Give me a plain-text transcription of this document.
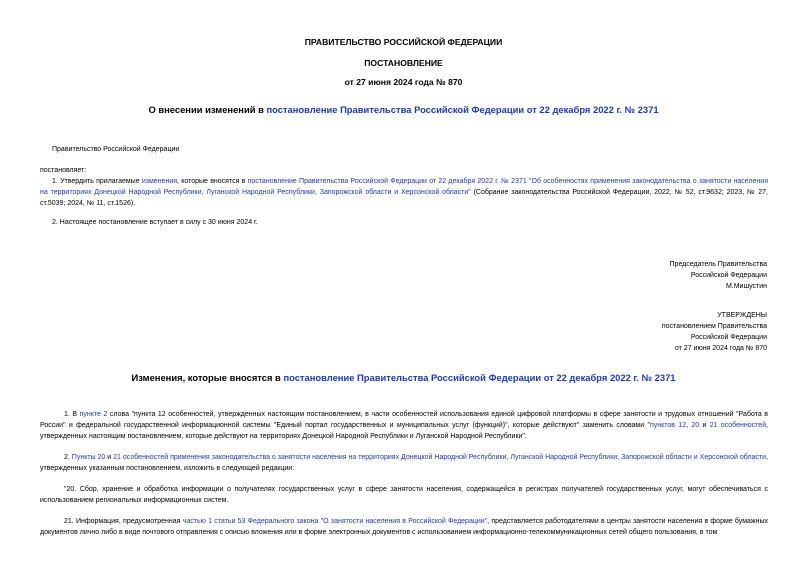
ПРАВИТЕЛЬСТВО РОССИЙСКОЙ ФЕДЕРАЦИИ
ПОСТАНОВЛЕНИЕ
от 27 июня 2024 года № 870
О внесении изменений в постановление Правительства Российской Федерации от 22 декабря 2022 г. № 2371
Правительство Российской Федерации
постановляет:
1. Утвердить прилагаемые изменения, которые вносятся в постановление Правительства Российской Федерации от 22 декабря 2022 г. № 2371 "Об особенностях применения законодательства о занятости населения на территориях Донецкой Народной Республики, Луганской Народной Республики, Запорожской области и Херсонской области" (Собрание законодательства Российской Федерации, 2022, № 52, ст.9632; 2023, № 27, ст.5039; 2024, № 11, ст.1526).
2. Настоящее постановление вступает в силу с 30 июня 2024 г.
Председатель Правительства
Российской Федерации
М.Мишустин
УТВЕРЖДЕНЫ
постановлением Правительства
Российской Федерации
от 27 июня 2024 года № 870
Изменения, которые вносятся в постановление Правительства Российской Федерации от 22 декабря 2022 г. № 2371
1. В пункте 2 слова "пункта 12 особенностей, утвержденных настоящим постановлением, в части особенностей использования единой цифровой платформы в сфере занятости и трудовых отношений "Работа в России" и федеральной государственной информационной системы "Единый портал государственных и муниципальных услуг (функций)", которые действуют" заменить словами "пунктов 12, 20 и 21 особенностей, утвержденных настоящим постановлением, которые действуют на территориях Донецкой Народной Республики и Луганской Народной Республики".
2. Пункты 20 и 21 особенностей применения законодательства о занятости населения на территориях Донецкой Народной Республики, Луганской Народной Республики, Запорожской области и Херсонской области, утвержденных указанным постановлением, изложить в следующей редакции:
"20. Сбор, хранение и обработка информации о получателях государственных услуг в сфере занятости населения, содержащейся в регистрах получателей государственных услуг, могут обеспечиваться с использованием региональных информационных систем.
21. Информация, предусмотренная частью 1 статьи 53 Федерального закона "О занятости населения в Российской Федерации", представляется работодателями в центры занятости населения в форме бумажных документов лично либо в виде почтового отправления с описью вложения или в форме электронных документов с использованием информационно-телекоммуникационных сетей общего пользования, в том
